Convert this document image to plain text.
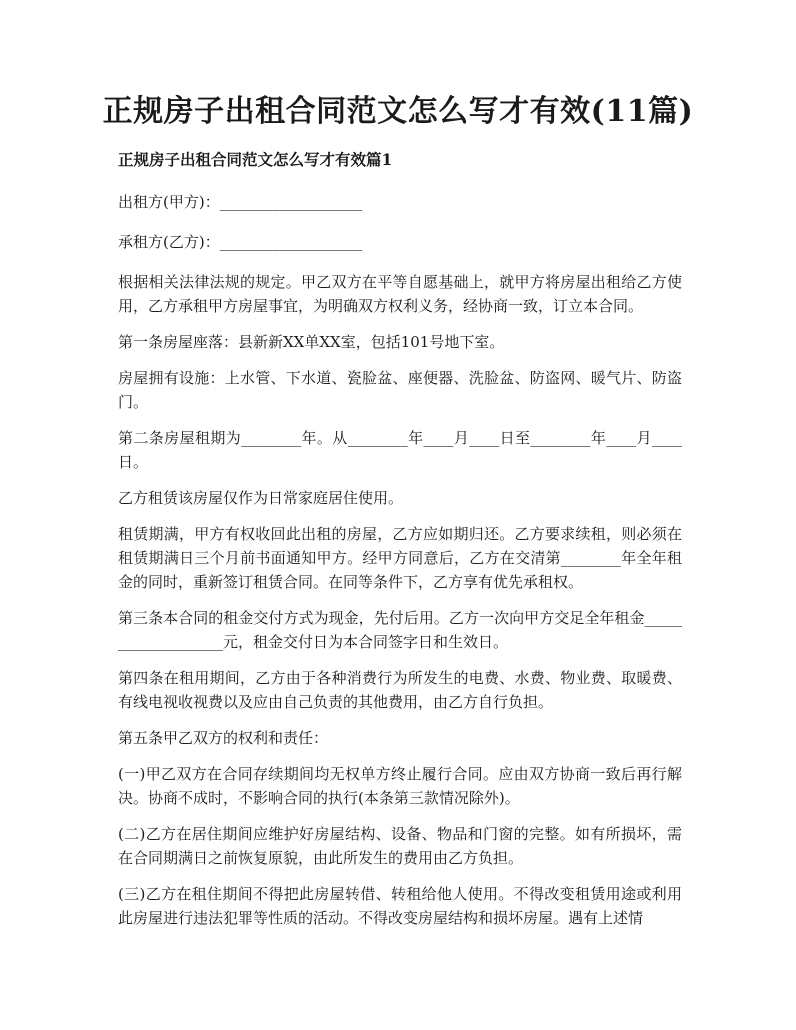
正规房子出租合同范文怎么写才有效(11篇)
正规房子出租合同范文怎么写才有效篇1

出租方(甲方)：___________________

承租方(乙方)：___________________

根据相关法律法规的规定。甲乙双方在平等自愿基础上，就甲方将房屋出租给乙方使用，乙方承租甲方房屋事宜，为明确双方权利义务，经协商一致，订立本合同。

第一条房屋座落：县新新XX单XX室，包括101号地下室。

房屋拥有设施：上水管、下水道、瓷脸盆、座便器、洗脸盆、防盗网、暖气片、防盗门。

第二条房屋租期为________年。从________年____月____日至________年____月____日。

乙方租赁该房屋仅作为日常家庭居住使用。

租赁期满，甲方有权收回此出租的房屋，乙方应如期归还。乙方要求续租，则必须在租赁期满日三个月前书面通知甲方。经甲方同意后，乙方在交清第________年全年租金的同时，重新签订租赁合同。在同等条件下，乙方享有优先承租权。

第三条本合同的租金交付方式为现金，先付后用。乙方一次向甲方交足全年租金___________________元，租金交付日为本合同签字日和生效日。

第四条在租用期间，乙方由于各种消费行为所发生的电费、水费、物业费、取暖费、有线电视收视费以及应由自己负责的其他费用，由乙方自行负担。

第五条甲乙双方的权利和责任：

(一)甲乙双方在合同存续期间均无权单方终止履行合同。应由双方协商一致后再行解决。协商不成时，不影响合同的执行(本条第三款情况除外)。

(二)乙方在居住期间应维护好房屋结构、设备、物品和门窗的完整。如有所损坏，需在合同期满日之前恢复原貌，由此所发生的费用由乙方负担。

(三)乙方在租住期间不得把此房屋转借、转租给他人使用。不得改变租赁用途或利用此房屋进行违法犯罪等性质的活动。不得改变房屋结构和损坏房屋。遇有上述情
